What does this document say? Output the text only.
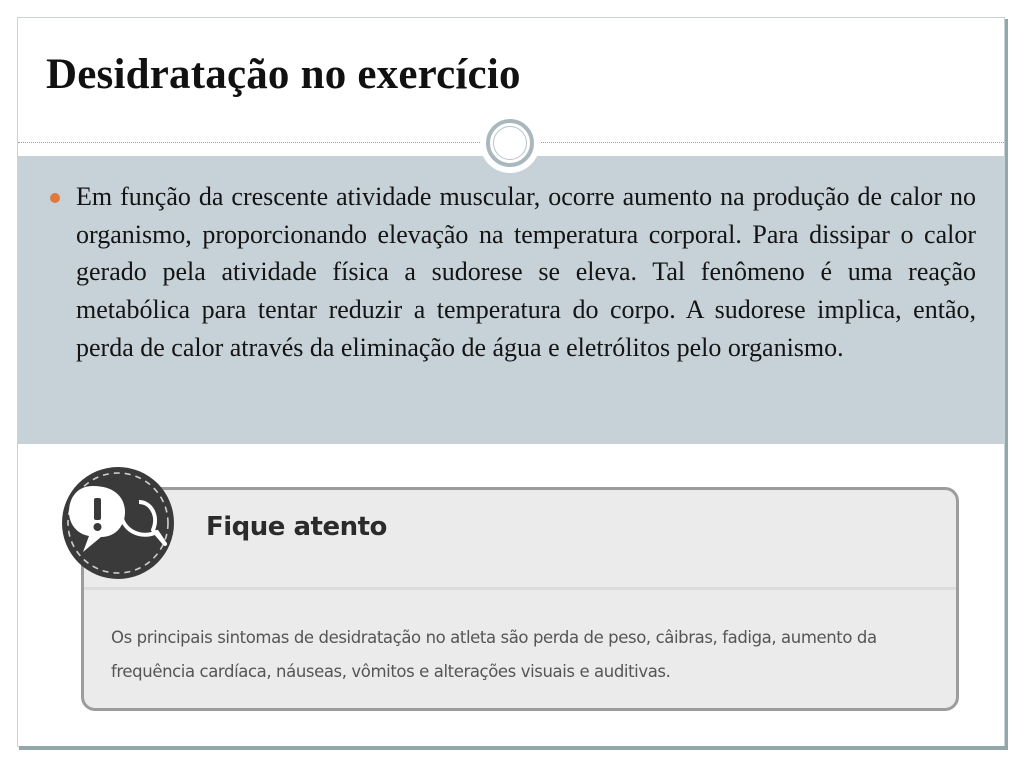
Desidratação no exercício

Em função da crescente atividade muscular, ocorre aumento na produção de calor no organismo, proporcionando elevação na temperatura corporal. Para dissipar o calor gerado pela atividade física a sudorese se eleva. Tal fenômeno é uma reação metabólica para tentar reduzir a temperatura do corpo. A sudorese implica, então, perda de calor através da eliminação de água e eletrólitos pelo organismo.

Fique atento

Os principais sintomas de desidratação no atleta são perda de peso, câibras, fadiga, aumento da frequência cardíaca, náuseas, vômitos e alterações visuais e auditivas.
